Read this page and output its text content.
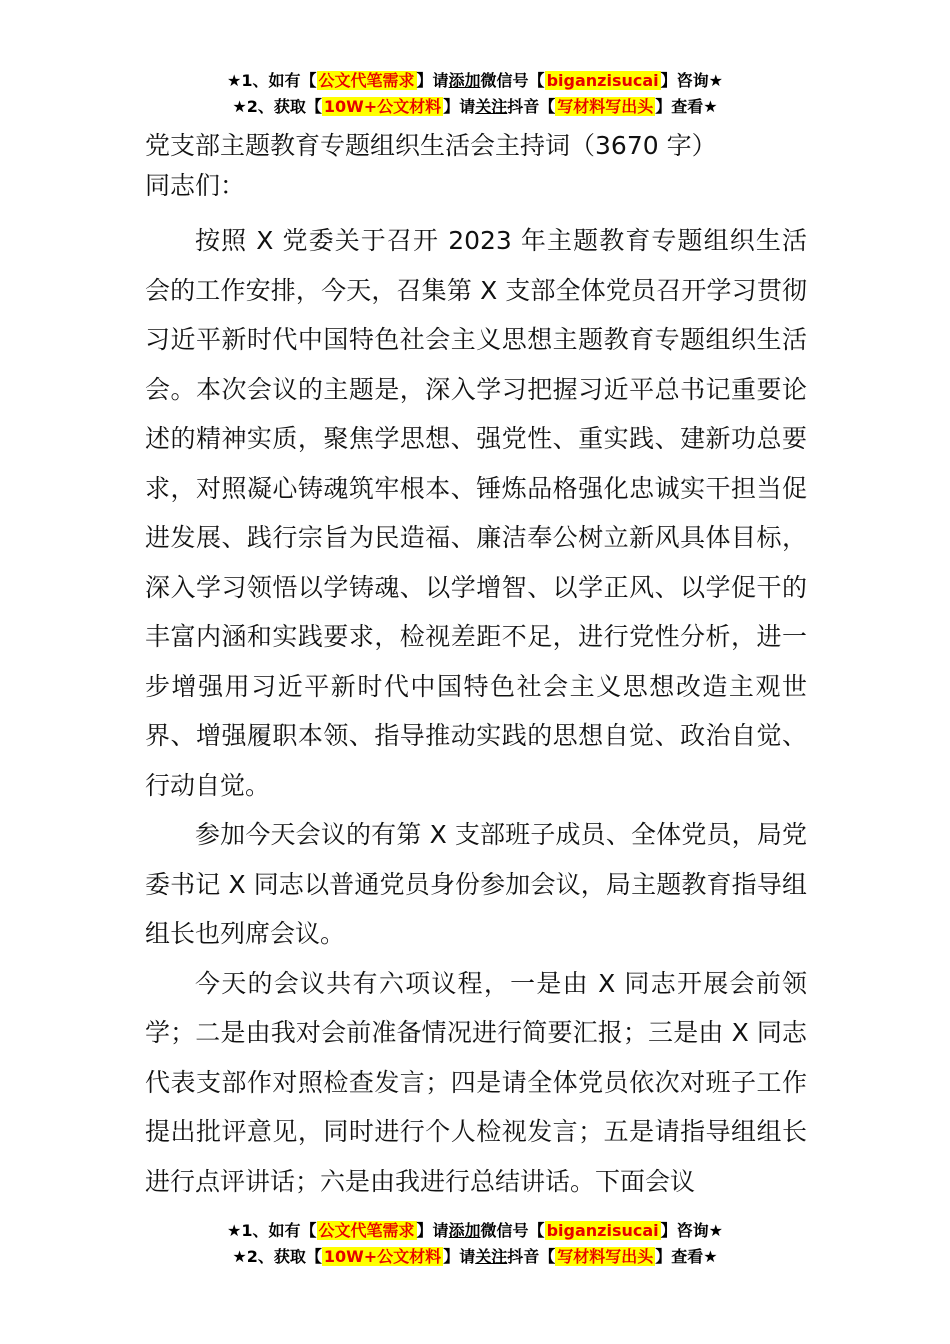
★1、如有【 公文代笔需求 】请添加微信号【 biganzisucai 】咨询★
★2、获取【 10W+公文材料 】请关注抖音【 写材料写出头 】查看★

党支部主题教育专题组织生活会主持词（3670 字）

同志们：

按照 X 党委关于召开 2023 年主题教育专题组织生活会的工作安排，今天，召集第 X 支部全体党员召开学习贯彻习近平新时代中国特色社会主义思想主题教育专题组织生活会。本次会议的主题是，深入学习把握习近平总书记重要论述的精神实质，聚焦学思想、强党性、重实践、建新功总要求，对照凝心铸魂筑牢根本、锤炼品格强化忠诚实干担当促进发展、践行宗旨为民造福、廉洁奉公树立新风具体目标，深入学习领悟以学铸魂、以学增智、以学正风、以学促干的丰富内涵和实践要求，检视差距不足，进行党性分析，进一步增强用习近平新时代中国特色社会主义思想改造主观世界、增强履职本领、指导推动实践的思想自觉、政治自觉、行动自觉。

参加今天会议的有第 X 支部班子成员、全体党员，局党委书记 X 同志以普通党员身份参加会议，局主题教育指导组组长也列席会议。

今天的会议共有六项议程，一是由 X 同志开展会前领学；二是由我对会前准备情况进行简要汇报；三是由 X 同志代表支部作对照检查发言；四是请全体党员依次对班子工作提出批评意见，同时进行个人检视发言；五是请指导组组长进行点评讲话；六是由我进行总结讲话。下面会议

★1、如有【 公文代笔需求 】请添加微信号【 biganzisucai 】咨询★
★2、获取【 10W+公文材料 】请关注抖音【 写材料写出头 】查看★
